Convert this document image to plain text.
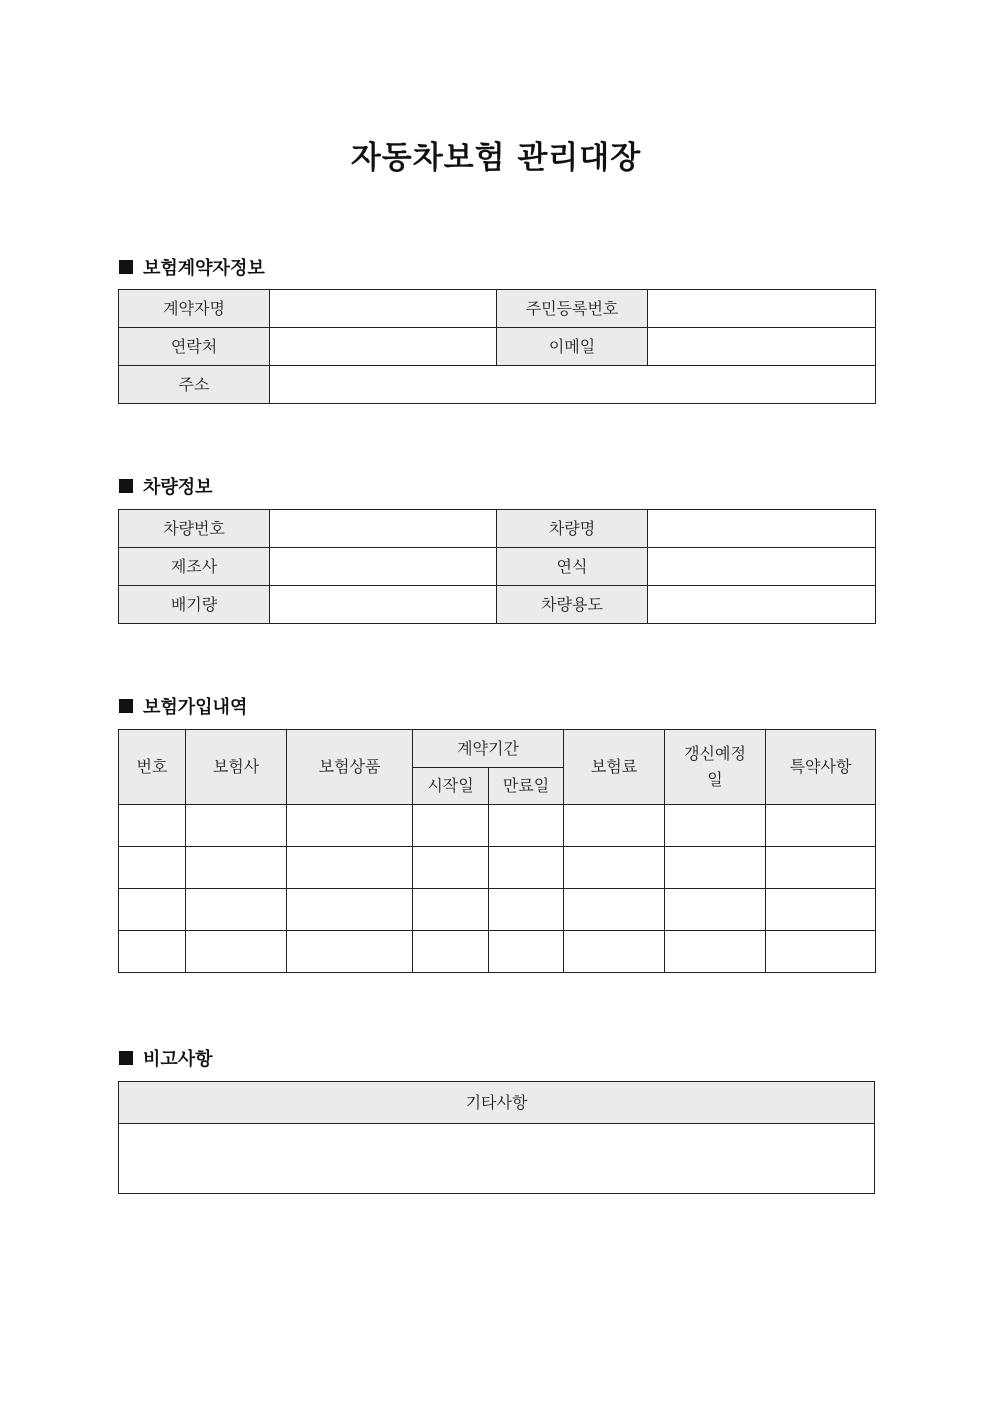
자동차보험 관리대장
보험계약자정보
계약자명		주민등록번호	
연락처		이메일	
주소			
차량정보
차량번호		차량명	
제조사		연식	
배기량		차량용도	
보험가입내역
번호	보험사	보험상품	계약기간		보험료	갱신예정일	특약사항
			시작일	만료일			

비고사항
기타사항
